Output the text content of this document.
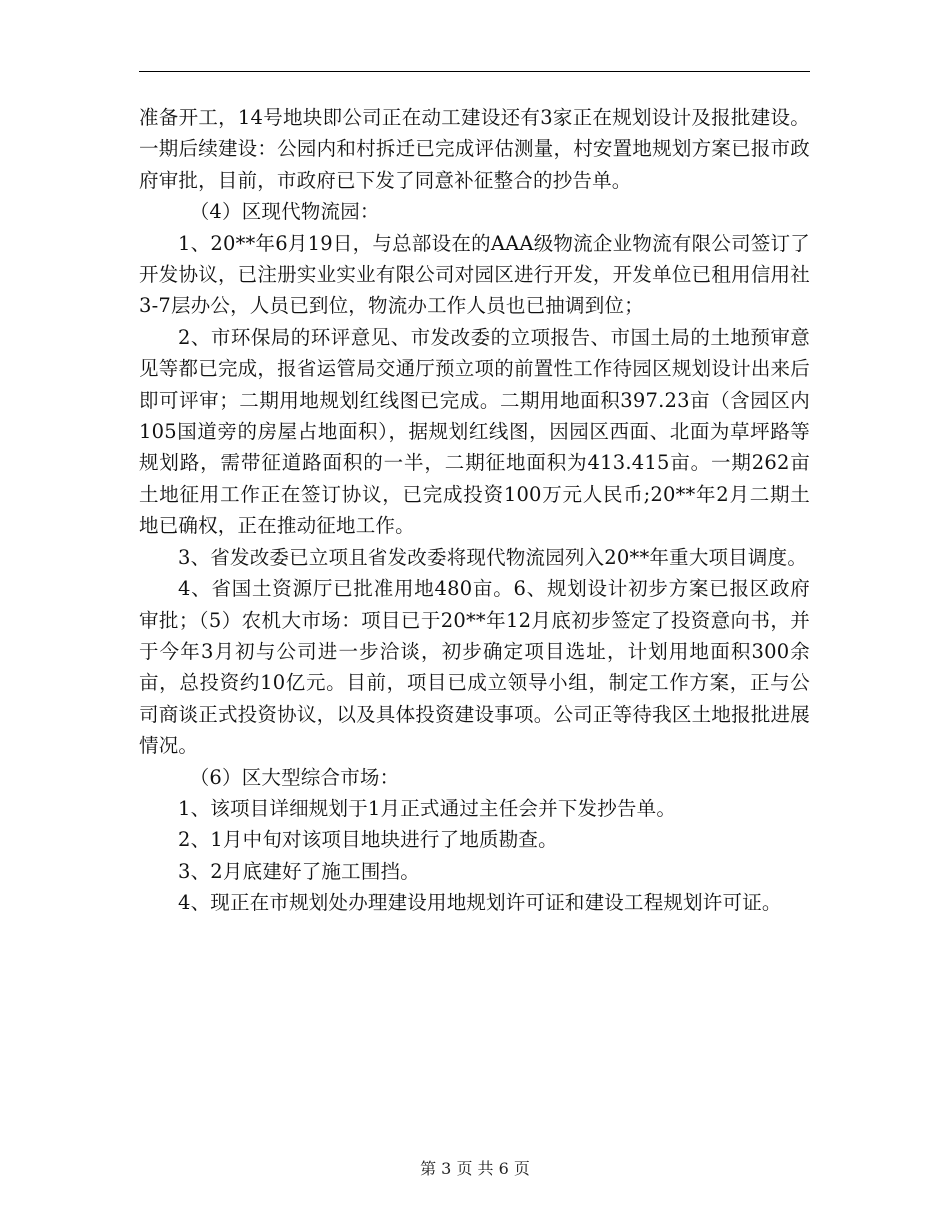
准备开工，14号地块即公司正在动工建设还有3家正在规划设计及报批建设。一期后续建设：公园内和村拆迁已完成评估测量，村安置地规划方案已报市政府审批，目前，市政府已下发了同意补征整合的抄告单。

（4）区现代物流园：

1、20**年6月19日，与总部设在的AAA级物流企业物流有限公司签订了开发协议，已注册实业实业有限公司对园区进行开发，开发单位已租用信用社3-7层办公，人员已到位，物流办工作人员也已抽调到位；

2、市环保局的环评意见、市发改委的立项报告、市国土局的土地预审意见等都已完成，报省运管局交通厅预立项的前置性工作待园区规划设计出来后即可评审；二期用地规划红线图已完成。二期用地面积397.23亩（含园区内105国道旁的房屋占地面积），据规划红线图，因园区西面、北面为草坪路等规划路，需带征道路面积的一半，二期征地面积为413.415亩。一期262亩土地征用工作正在签订协议，已完成投资100万元人民币;20**年2月二期土地已确权，正在推动征地工作。

3、省发改委已立项且省发改委将现代物流园列入20**年重大项目调度。

4、省国土资源厅已批准用地480亩。6、规划设计初步方案已报区政府审批；（5）农机大市场：项目已于20**年12月底初步签定了投资意向书，并于今年3月初与公司进一步洽谈，初步确定项目选址，计划用地面积300余亩，总投资约10亿元。目前，项目已成立领导小组，制定工作方案，正与公司商谈正式投资协议，以及具体投资建设事项。公司正等待我区土地报批进展情况。

（6）区大型综合市场：

1、该项目详细规划于1月正式通过主任会并下发抄告单。

2、1月中旬对该项目地块进行了地质勘查。

3、2月底建好了施工围挡。

4、现正在市规划处办理建设用地规划许可证和建设工程规划许可证。

第 3 页 共 6 页
